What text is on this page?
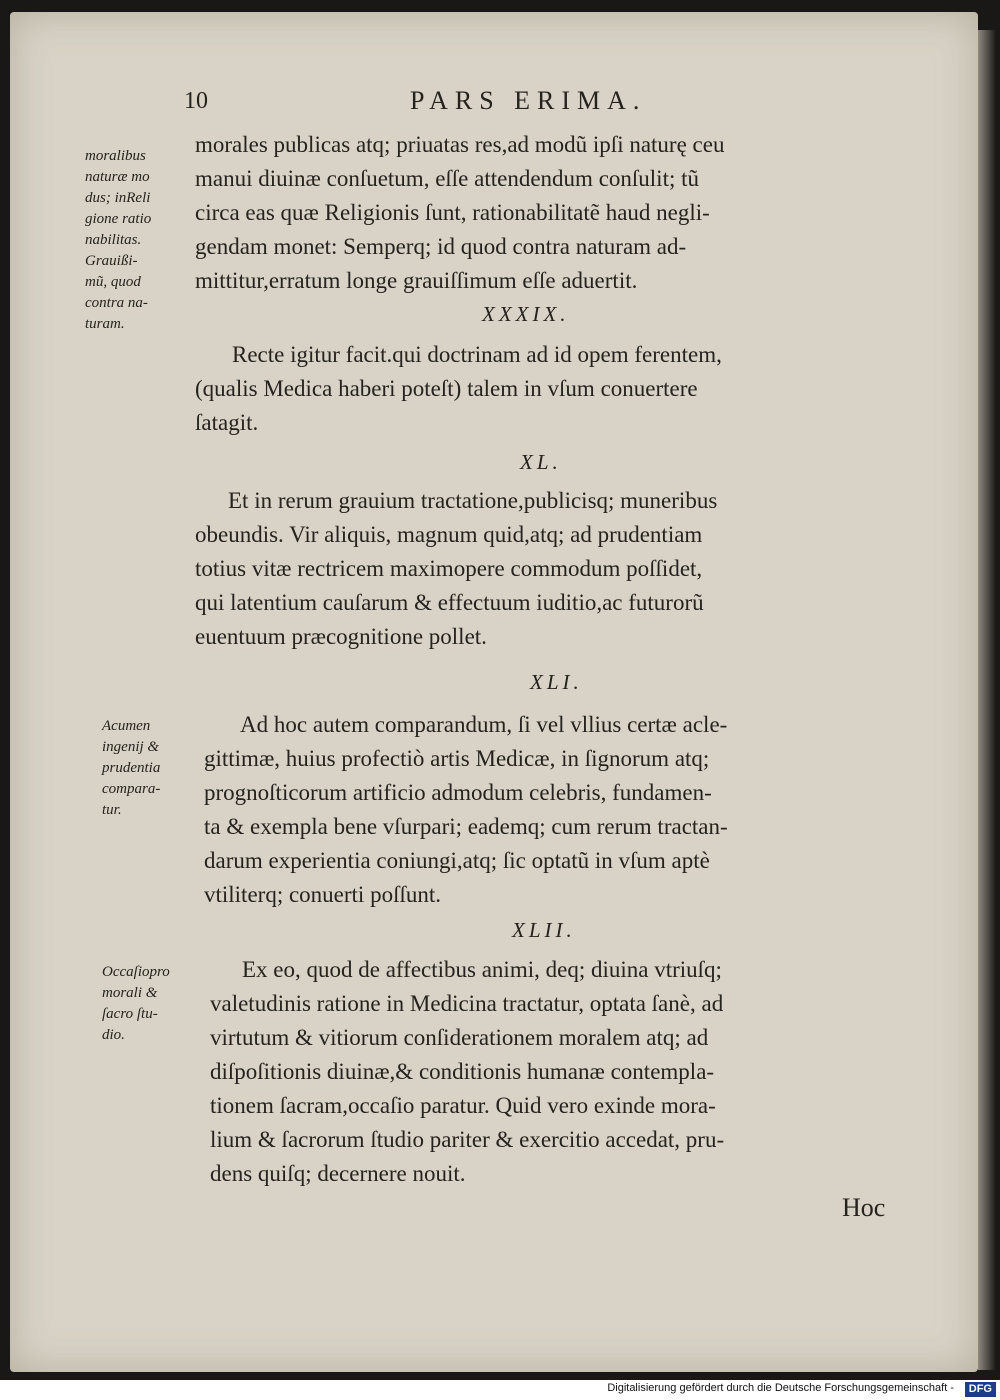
10	PARS ERIMA.
moralibus
naturæ mo
dus; inReli
gione ratio
nabilitas.
Grauißi-
mũ, quod
contra na-
turam.
morales publicas atq; priuatas res,ad modũ ipſi naturę ceu
manui diuinæ conſuetum, eſſe attendendum conſulit; tũ
circa eas quæ Religionis ſunt, rationabilitatẽ haud negli-
gendam monet: Semperq; id quod contra naturam ad-
mittitur,erratum longe grauiſſimum eſſe aduertit.
XXXIX.
Recte igitur facit.qui doctrinam ad id opem ferentem,
(qualis Medica haberi poteſt) talem in vſum conuertere
ſatagit.
XL.
Et in rerum grauium tractatione,publicisq; muneribus
obeundis. Vir aliquis, magnum quid,atq; ad prudentiam
totius vitæ rectricem maximopere commodum poſſidet,
qui latentium cauſarum & effectuum iuditio,ac futurorũ
euentuum præcognitione pollet.
XLI.
Acumen
ingenij &
prudentia
compara-
tur.
Ad hoc autem comparandum, ſi vel vllius certæ acle-
gittimæ, huius profectiò artis Medicæ, in ſignorum atq;
prognoſticorum artificio admodum celebris, fundamen-
ta & exempla bene vſurpari; eademq; cum rerum tractan-
darum experientia coniungi,atq; ſic optatũ in vſum aptè
vtiliterq; conuerti poſſunt.
XLII.
Occaſiopro
morali &
ſacro ſtu-
dio.
Ex eo, quod de affectibus animi, deq; diuina vtriuſq;
valetudinis ratione in Medicina tractatur, optata ſanè, ad
virtutum & vitiorum conſiderationem moralem atq; ad
diſpoſitionis diuinæ,& conditionis humanæ contempla-
tionem ſacram,occaſio paratur. Quid vero exinde mora-
lium & ſacrorum ſtudio pariter & exercitio accedat, pru-
dens quiſq; decernere nouit.
Hoc
Digitalisierung gefördert durch die Deutsche Forschungsgemeinschaft -	DFG
